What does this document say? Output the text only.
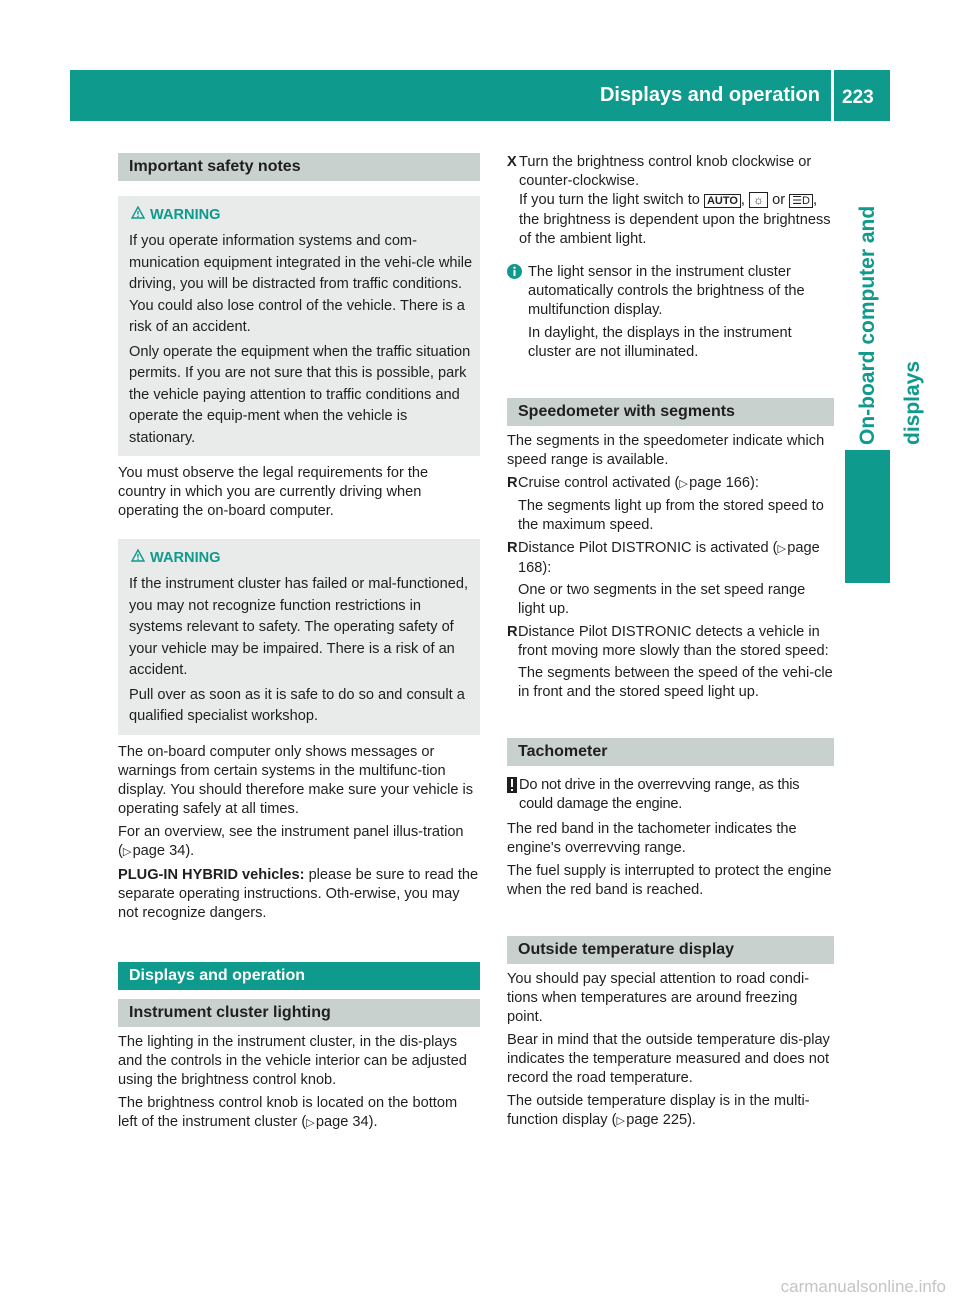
Displays and operation 223
On-board computer and displays
Important safety notes
WARNING

If you operate information systems and com-munication equipment integrated in the vehi-cle while driving, you will be distracted from traffic conditions. You could also lose control of the vehicle. There is a risk of an accident.

Only operate the equipment when the traffic situation permits. If you are not sure that this is possible, park the vehicle paying attention to traffic conditions and operate the equip-ment when the vehicle is stationary.

You must observe the legal requirements for the country in which you are currently driving when operating the on-board computer.

WARNING

If the instrument cluster has failed or mal-functioned, you may not recognize function restrictions in systems relevant to safety. The operating safety of your vehicle may be impaired. There is a risk of an accident.

Pull over as soon as it is safe to do so and consult a qualified specialist workshop.

The on-board computer only shows messages or warnings from certain systems in the multifunc-tion display. You should therefore make sure your vehicle is operating safely at all times.

For an overview, see the instrument panel illus-tration (▷ page 34).

PLUG-IN HYBRID vehicles: please be sure to read the separate operating instructions. Oth-erwise, you may not recognize dangers.

Displays and operation
Instrument cluster lighting

The lighting in the instrument cluster, in the dis-plays and the controls in the vehicle interior can be adjusted using the brightness control knob.

The brightness control knob is located on the bottom left of the instrument cluster (▷ page 34).

X Turn the brightness control knob clockwise or counter-clockwise.

If you turn the light switch to AUTO , ☼ or ☰D , the brightness is dependent upon the brightness of the ambient light.

The light sensor in the instrument cluster automatically controls the brightness of the multifunction display.

In daylight, the displays in the instrument cluster are not illuminated.

Speedometer with segments

The segments in the speedometer indicate which speed range is available.

R Cruise control activated (▷ page 166):

The segments light up from the stored speed to the maximum speed.

R Distance Pilot DISTRONIC is activated (▷ page 168):

One or two segments in the set speed range light up.

R Distance Pilot DISTRONIC detects a vehicle in front moving more slowly than the stored speed:

The segments between the speed of the vehi-cle in front and the stored speed light up.

Tachometer

Do not drive in the overrevving range, as this could damage the engine.

The red band in the tachometer indicates the engine's overrevving range.

The fuel supply is interrupted to protect the engine when the red band is reached.

Outside temperature display

You should pay special attention to road condi-tions when temperatures are around freezing point.

Bear in mind that the outside temperature dis-play indicates the temperature measured and does not record the road temperature.

The outside temperature display is in the multi-function display (▷ page 225).

carmanualsonline.info
